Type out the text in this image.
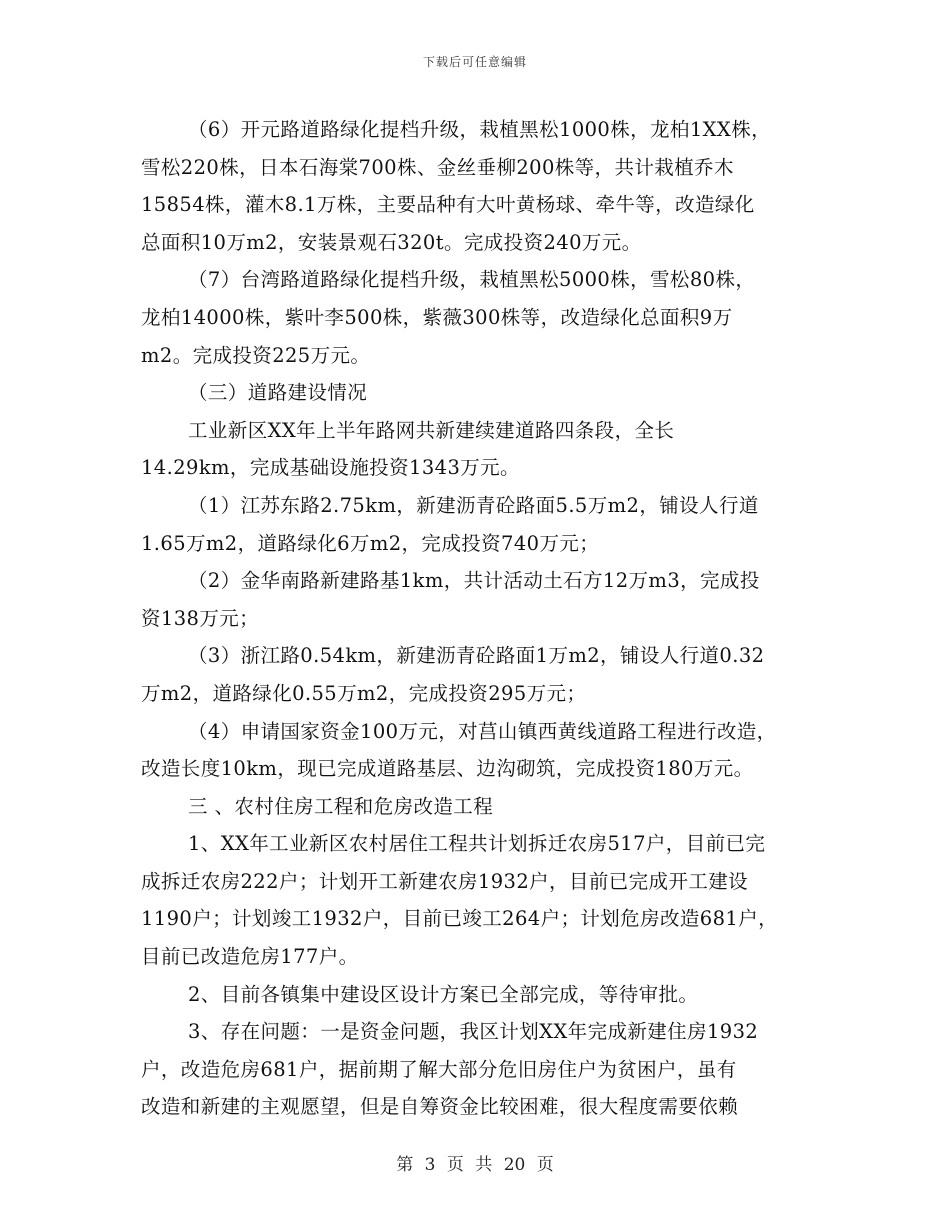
下载后可任意编辑
（6）开元路道路绿化提档升级，栽植黑松1000株，龙柏1XX株，
雪松220株，日本石海棠700株、金丝垂柳200株等，共计栽植乔木
15854株，灌木8.1万株，主要品种有大叶黄杨球、牵牛等，改造绿化
总面积10万m2，安装景观石320t。完成投资240万元。
（7）台湾路道路绿化提档升级，栽植黑松5000株，雪松80株，
龙柏14000株，紫叶李500株，紫薇300株等，改造绿化总面积9万
m2。完成投资225万元。
（三）道路建设情况
工业新区XX年上半年路网共新建续建道路四条段，全长
14.29km，完成基础设施投资1343万元。
（1）江苏东路2.75km，新建沥青砼路面5.5万m2，铺设人行道
1.65万m2，道路绿化6万m2，完成投资740万元；
（2）金华南路新建路基1km，共计活动土石方12万m3，完成投
资138万元；
（3）浙江路0.54km，新建沥青砼路面1万m2，铺设人行道0.32
万m2，道路绿化0.55万m2，完成投资295万元；
（4）申请国家资金100万元，对莒山镇西黄线道路工程进行改造，
改造长度10km，现已完成道路基层、边沟砌筑，完成投资180万元。
三 、农村住房工程和危房改造工程
1、XX年工业新区农村居住工程共计划拆迁农房517户，目前已完
成拆迁农房222户；计划开工新建农房1932户，目前已完成开工建设
1190户；计划竣工1932户，目前已竣工264户；计划危房改造681户，
目前已改造危房177户。
2、目前各镇集中建设区设计方案已全部完成，等待审批。
3、存在问题：一是资金问题，我区计划XX年完成新建住房1932
户，改造危房681户，据前期了解大部分危旧房住户为贫困户，虽有
改造和新建的主观愿望，但是自筹资金比较困难，很大程度需要依赖
第 3 页 共 20 页
